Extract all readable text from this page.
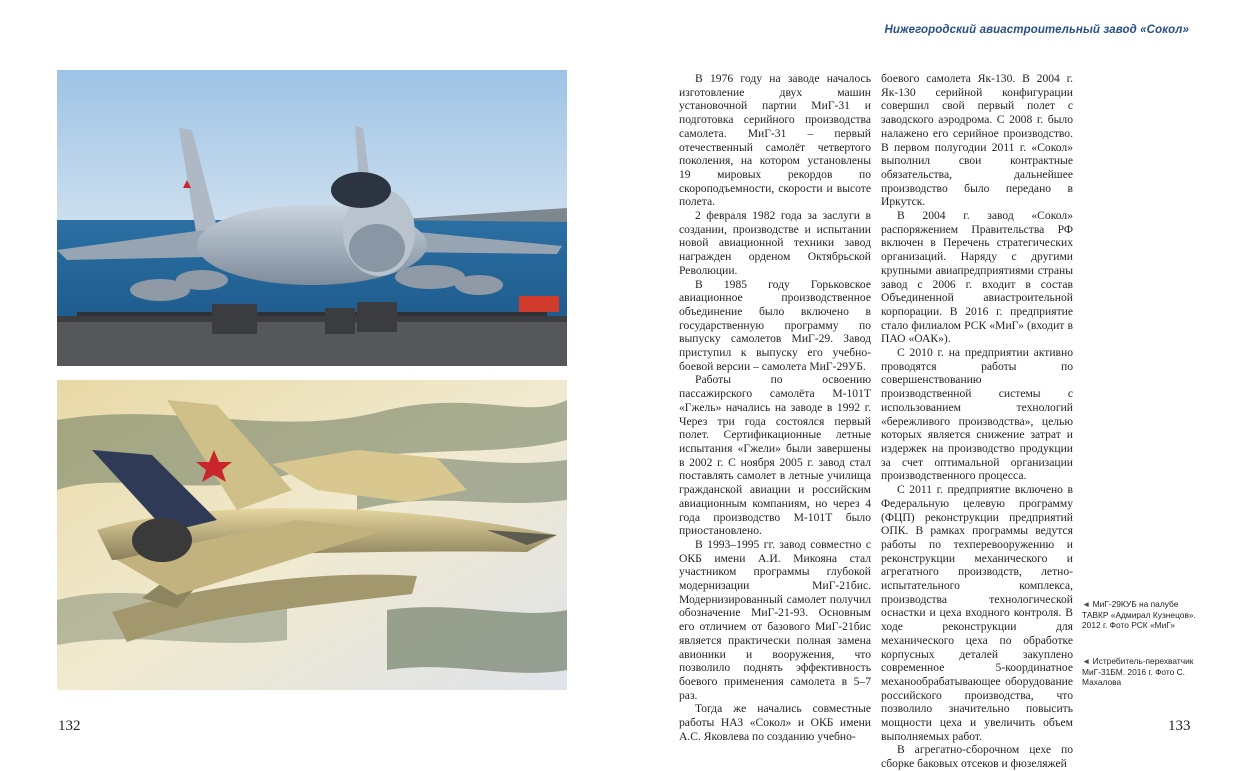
Нижегородский авиастроительный завод «Сокол»

В 1976 году на заводе началось изготовление двух машин установочной партии МиГ-31 и подготовка серийного производства самолета. МиГ-31 – первый отечественный самолёт четвертого поколения, на котором установлены 19 мировых рекордов по скороподъемности, скорости и высоте полета.

2 февраля 1982 года за заслуги в создании, производстве и испытании новой авиационной техники завод награжден орденом Октябрьской Революции.

В 1985 году Горьковское авиационное производственное объединение было включено в государственную программу по выпуску самолетов МиГ-29. Завод приступил к выпуску его учебно-боевой версии – самолета МиГ-29УБ.

Работы по освоению пассажирского самолёта М-101Т «Гжель» начались на заводе в 1992 г. Через три года состоялся первый полет. Сертификационные летные испытания «Гжели» были завершены в 2002 г. С ноября 2005 г. завод стал поставлять самолет в летные училища гражданской авиации и российским авиационным компаниям, но через 4 года производство М-101Т было приостановлено.

В 1993–1995 гг. завод совместно с ОКБ имени А.И. Микояна стал участником программы глубокой модернизации МиГ-21бис. Модернизированный самолет получил обозначение МиГ-21-93. Основным его отличием от базового МиГ-21бис является практически полная замена авионики и вооружения, что позволило поднять эффективность боевого применения самолета в 5–7 раз.

Тогда же начались совместные работы НАЗ «Сокол» и ОКБ имени А.С. Яковлева по созданию учебно-

боевого самолета Як-130. В 2004 г. Як-130 серийной конфигурации совершил свой первый полет с заводского аэродрома. С 2008 г. было налажено его серийное производство. В первом полугодии 2011 г. «Сокол» выполнил свои контрактные обязательства, дальнейшее производство было передано в Иркутск.

В 2004 г. завод «Сокол» распоряжением Правительства РФ включен в Перечень стратегических организаций. Наряду с другими крупными авиапредприятиями страны завод с 2006 г. входит в состав Объединенной авиастроительной корпорации. В 2016 г. предприятие стало филиалом РСК «МиГ» (входит в ПАО «ОАК»).

С 2010 г. на предприятии активно проводятся работы по совершенствованию производственной системы с использованием технологий «бережливого производства», целью которых является снижение затрат и издержек на производство продукции за счет оптимальной организации производственного процесса.

С 2011 г. предприятие включено в Федеральную целевую программу (ФЦП) реконструкции предприятий ОПК. В рамках программы ведутся работы по техперевооружению и реконструкции механического и агрегатного производств, летно-испытательного комплекса, производства технологической оснастки и цеха входного контроля. В ходе реконструкции для механического цеха по обработке корпусных деталей закуплено современное 5-координатное механообрабатывающее оборудование российского производства, что позволило значительно повысить мощности цеха и увеличить объем выполняемых работ.

В агрегатно-сборочном цехе по сборке баковых отсеков и фюзеляжей

◄ МиГ-29КУБ на палубе ТАВКР «Адмирал Кузнецов». 2012 г. Фото РСК «МиГ»
◄ Истребитель-перехватчик МиГ-31БМ. 2016 г. Фото С. Махалова
132	133
